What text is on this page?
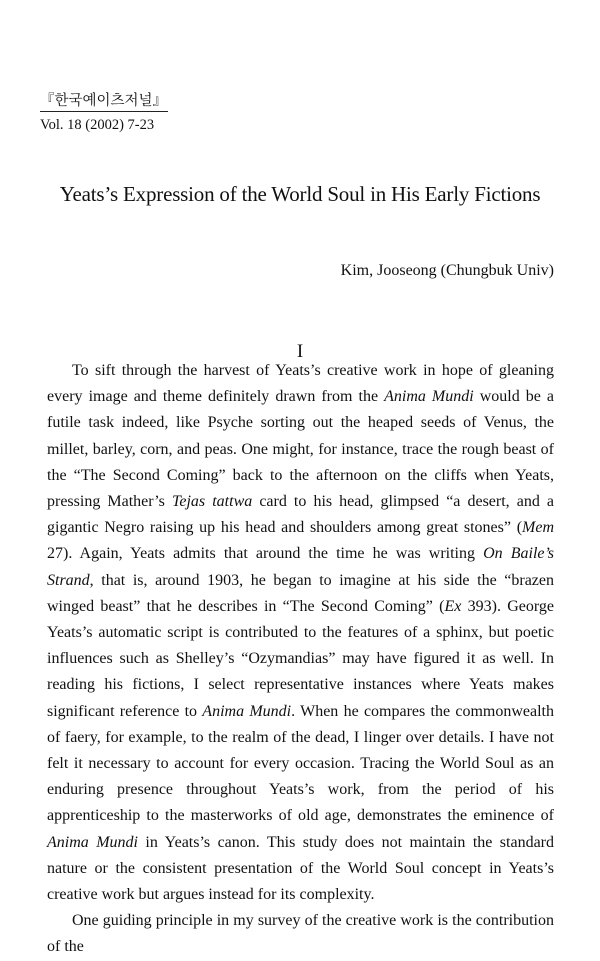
『한국예이츠저널』
Vol. 18 (2002) 7-23
Yeats’s Expression of the World Soul in His Early Fictions
Kim, Jooseong (Chungbuk Univ)
I

To sift through the harvest of Yeats’s creative work in hope of gleaning every image and theme definitely drawn from the Anima Mundi would be a futile task indeed, like Psyche sorting out the heaped seeds of Venus, the millet, barley, corn, and peas. One might, for instance, trace the rough beast of the “The Second Coming” back to the afternoon on the cliffs when Yeats, pressing Mather’s Tejas tattwa card to his head, glimpsed “a desert, and a gigantic Negro raising up his head and shoulders among great stones” (Mem 27). Again, Yeats admits that around the time he was writing On Baile’s Strand, that is, around 1903, he began to imagine at his side the “brazen winged beast” that he describes in “The Second Coming” (Ex 393). George Yeats’s automatic script is contributed to the features of a sphinx, but poetic influences such as Shelley’s “Ozymandias” may have figured it as well. In reading his fictions, I select representative instances where Yeats makes significant reference to Anima Mundi. When he compares the commonwealth of faery, for example, to the realm of the dead, I linger over details. I have not felt it necessary to account for every occasion. Tracing the World Soul as an enduring presence throughout Yeats’s work, from the period of his apprenticeship to the masterworks of old age, demonstrates the eminence of Anima Mundi in Yeats’s canon. This study does not maintain the standard nature or the consistent presentation of the World Soul concept in Yeats’s creative work but argues instead for its complexity.

One guiding principle in my survey of the creative work is the contribution of the
